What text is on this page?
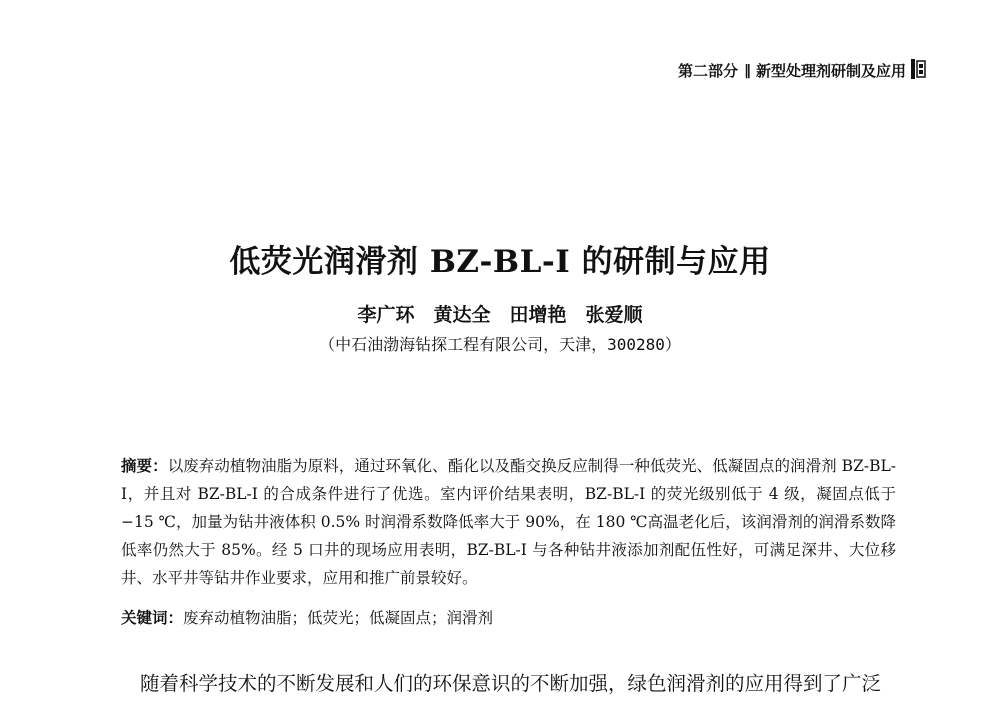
第二部分 ‖ 新型处理剂研制及应用
低荧光润滑剂 BZ-BL-I 的研制与应用

李广环　黄达全　田增艳　张爱顺

（中石油渤海钻探工程有限公司，天津，300280）

摘要：以废弃动植物油脂为原料，通过环氧化、酯化以及酯交换反应制得一种低荧光、低凝固点的润滑剂 BZ-BL-I，并且对 BZ-BL-I 的合成条件进行了优选。室内评价结果表明，BZ-BL-I 的荧光级别低于 4 级，凝固点低于 −15 ℃，加量为钻井液体积 0.5% 时润滑系数降低率大于 90%，在 180 ℃高温老化后，该润滑剂的润滑系数降低率仍然大于 85%。经 5 口井的现场应用表明，BZ-BL-I 与各种钻井液添加剂配伍性好，可满足深井、大位移井、水平井等钻井作业要求，应用和推广前景较好。

关键词：废弃动植物油脂；低荧光；低凝固点；润滑剂

随着科学技术的不断发展和人们的环保意识的不断加强，绿色润滑剂的应用得到了广泛
